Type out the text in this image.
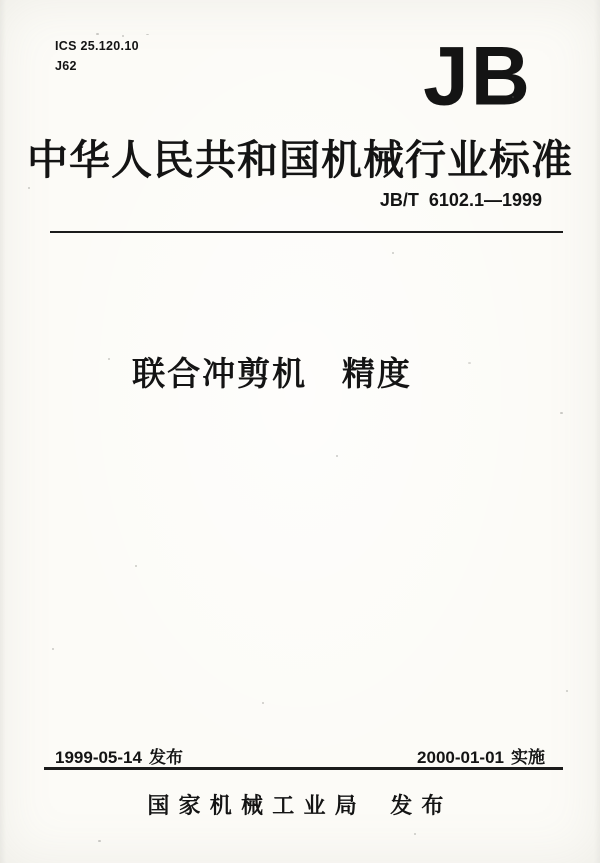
ICS 25.120.10
J62	JB
中华人民共和国机械行业标准
JB/T  6102.1—1999
联合冲剪机 精度
1999-05-14 发布	2000-01-01 实施
国家机械工业局 发布
